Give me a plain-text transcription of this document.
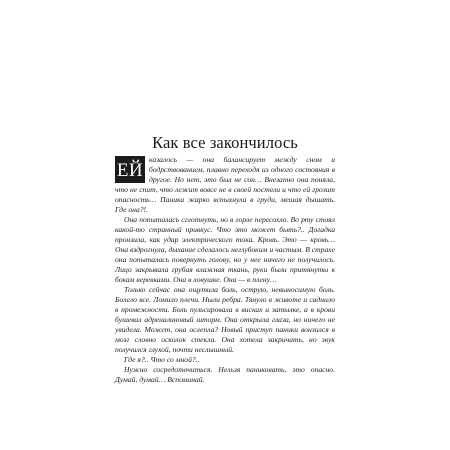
Как все закончилось

ЕЙ казалось — она балансирует между сном и бодрствованием, плавно переходя из одного состояния в другое. Но нет, это был не сон… Внезапно она поняла, что не спит, что лежит вовсе не в своей постели и что ей грозит опасность… Паника жарко вспыхнула в груди, мешая дышать. Где она?!.

Она попыталась сглотнуть, но в горле пересохло. Во рту стоял какой-то странный привкус. Что это может быть?.. Догадка пронзила, как удар электрического тока. Кровь. Это — кровь… Она вздрогнула, дыхание сделалось неглубоким и частым. В страхе она попыталась повернуть голову, но у нее ничего не получилось. Лицо закрывала грубая влажная ткань, руки были притянуты к бокам веревками. Она в ловушке. Она — в плену…

Только сейчас она ощутила боль, острую, невыносимую боль. Болело все. Ломило плечи. Ныли ребра. Тянуло в животе и саднило в промежности. Боль пульсировала в висках и затылке, а в крови бушевал адреналиновый шторм. Она открыла глаза, но ничего не увидела. Может, она ослепла? Новый приступ паники вонзился в мозг словно осколок стекла. Она хотела закричать, но звук получился глухой, почти неслышный.

Где я?.. Что со мной?..

Нужно сосредоточиться. Нельзя паниковать, это опасно. Думай, думай… Вспоминай.
